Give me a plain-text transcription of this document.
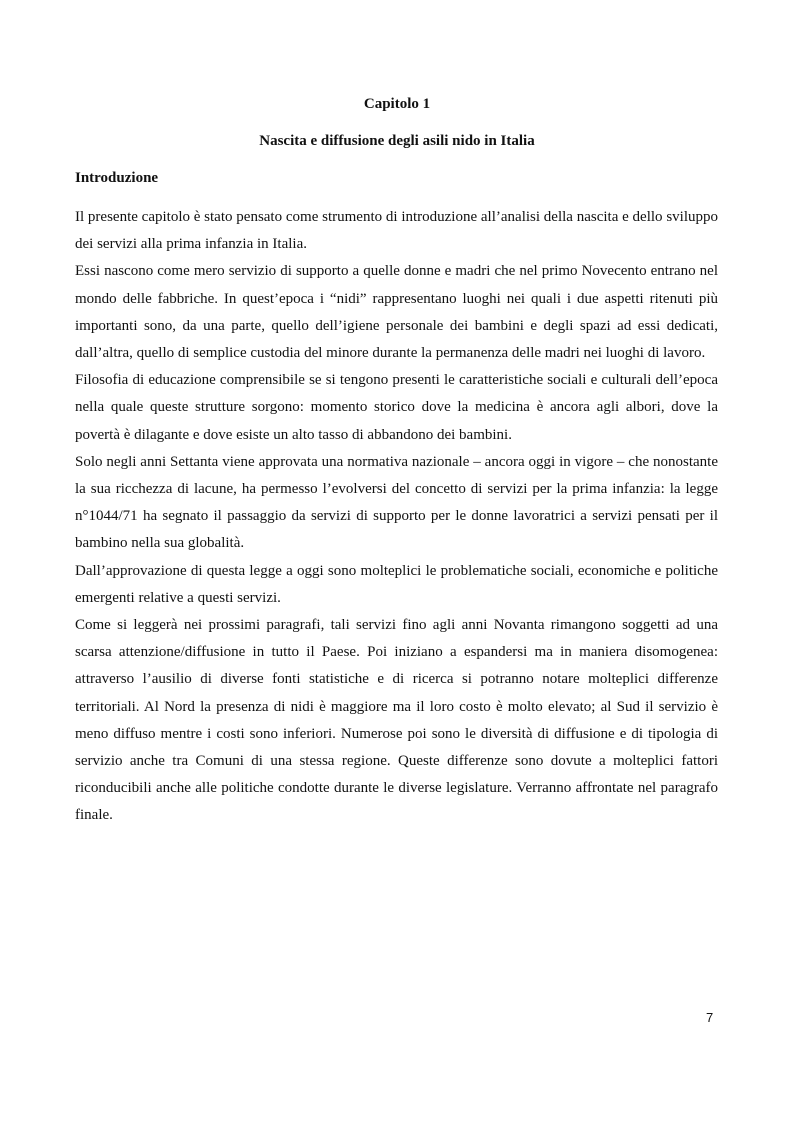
Capitolo 1
Nascita e diffusione degli asili nido in Italia
Introduzione

Il presente capitolo è stato pensato come strumento di introduzione all’analisi della nascita e dello sviluppo dei servizi alla prima infanzia in Italia.

Essi nascono come mero servizio di supporto a quelle donne e madri che nel primo Novecento entrano nel mondo delle fabbriche. In quest’epoca i “nidi” rappresentano luoghi nei quali i due aspetti ritenuti più importanti sono, da una parte, quello dell’igiene personale dei bambini e degli spazi ad essi dedicati, dall’altra, quello di semplice custodia del minore durante la permanenza delle madri nei luoghi di lavoro.

Filosofia di educazione comprensibile se si tengono presenti le caratteristiche sociali e culturali dell’epoca nella quale queste strutture sorgono: momento storico dove la medicina è ancora agli albori, dove la povertà è dilagante e dove esiste un alto tasso di abbandono dei bambini.

Solo negli anni Settanta viene approvata una normativa nazionale – ancora oggi in vigore – che nonostante la sua ricchezza di lacune, ha permesso l’evolversi del concetto di servizi per la prima infanzia: la legge n°1044/71 ha segnato il passaggio da servizi di supporto per le donne lavoratrici a servizi pensati per il bambino nella sua globalità.

Dall’approvazione di questa legge a oggi sono molteplici le problematiche sociali, economiche e politiche emergenti relative a questi servizi.

Come si leggerà nei prossimi paragrafi, tali servizi fino agli anni Novanta rimangono soggetti ad una scarsa attenzione/diffusione in tutto il Paese. Poi iniziano a espandersi ma in maniera disomogenea: attraverso l’ausilio di diverse fonti statistiche e di ricerca si potranno notare molteplici differenze territoriali. Al Nord la presenza di nidi è maggiore ma il loro costo è molto elevato; al Sud il servizio è meno diffuso mentre i costi sono inferiori. Numerose poi sono le diversità di diffusione e di tipologia di servizio anche tra Comuni di una stessa regione. Queste differenze sono dovute a molteplici fattori riconducibili anche alle politiche condotte durante le diverse legislature. Verranno affrontate nel paragrafo finale.

7
